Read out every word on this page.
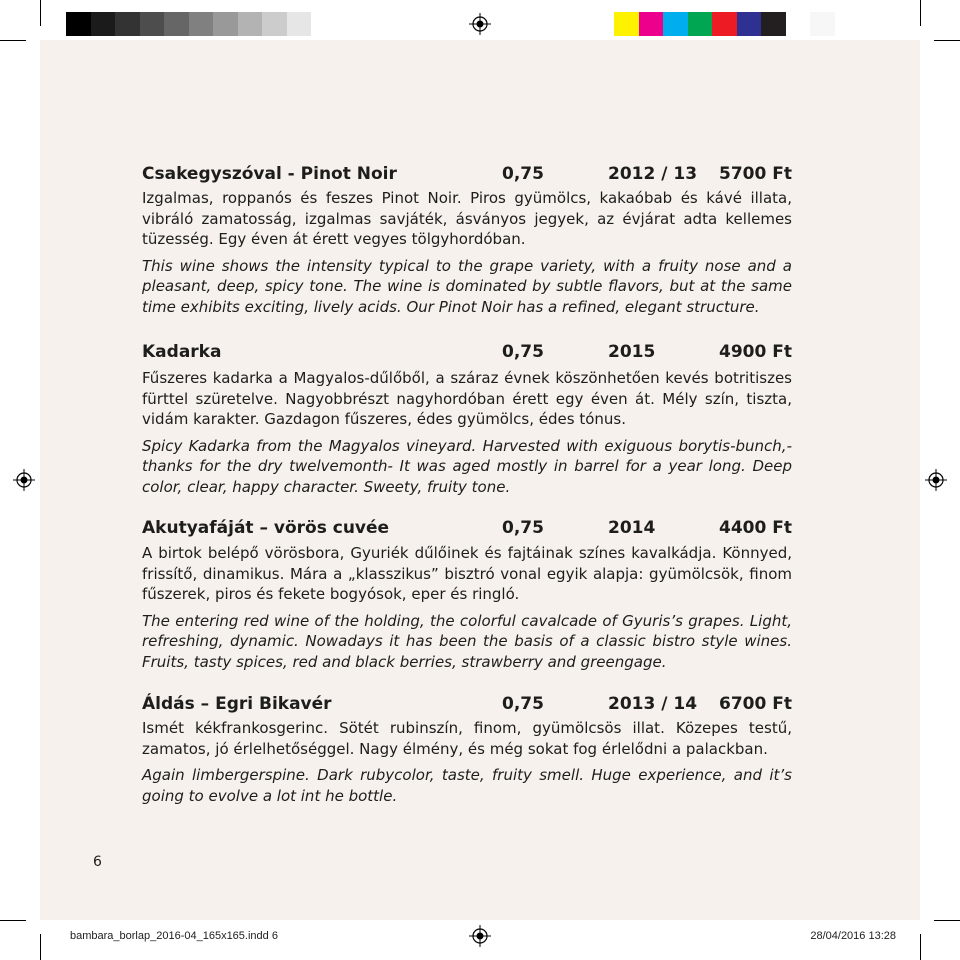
Csakegyszóval - Pinot Noir	0,75	2012 / 13 5700 Ft

Izgalmas, roppanós és feszes Pinot Noir. Piros gyümölcs, kakaóbab és kávé illata, vibráló zamatosság, izgalmas savjáték, ásványos jegyek, az évjárat adta kellemes tüzesség. Egy éven át érett vegyes tölgyhordóban.

This wine shows the intensity typical to the grape variety, with a fruity nose and a pleasant, deep, spicy tone. The wine is dominated by subtle flavors, but at the same time exhibits exciting, lively acids. Our Pinot Noir has a refined, elegant structure.

Kadarka	0,75	2015	4900 Ft

Fűszeres kadarka a Magyalos-dűlőből, a száraz évnek köszönhetően kevés botritiszes fürttel szüretelve. Nagyobbrészt nagyhordóban érett egy éven át. Mély szín, tiszta, vidám karakter. Gazdagon fűszeres, édes gyümölcs, édes tónus.

Spicy Kadarka from the Magyalos vineyard. Harvested with exiguous borytis-bunch,- thanks for the dry twelvemonth- It was aged mostly in barrel for a year long. Deep color, clear, happy character. Sweety, fruity tone.

Akutyafáját – vörös cuvée	0,75	2014	4400 Ft

A birtok belépő vörösbora, Gyuriék dűlőinek és fajtáinak színes kavalkádja. Könnyed, frissítő, dinamikus. Mára a „klasszikus” bisztró vonal egyik alapja: gyümölcsök, finom fűszerek, piros és fekete bogyósok, eper és ringló.

The entering red wine of the holding, the colorful cavalcade of Gyuris’s grapes. Light, refreshing, dynamic. Nowadays it has been the basis of a classic bistro style wines. Fruits, tasty spices, red and black berries, strawberry and greengage.

Áldás – Egri Bikavér	0,75	2013 / 14 6700 Ft

Ismét kékfrankosgerinc. Sötét rubinszín, finom, gyümölcsös illat. Közepes testű, zamatos, jó érlelhetőséggel. Nagy élmény, és még sokat fog érlelődni a palackban.

Again limbergerspine. Dark rubycolor, taste, fruity smell. Huge experience, and it’s going to evolve a lot int he bottle.

6
bambara_borlap_2016-04_165x165.indd 6	28/04/2016 13:28
